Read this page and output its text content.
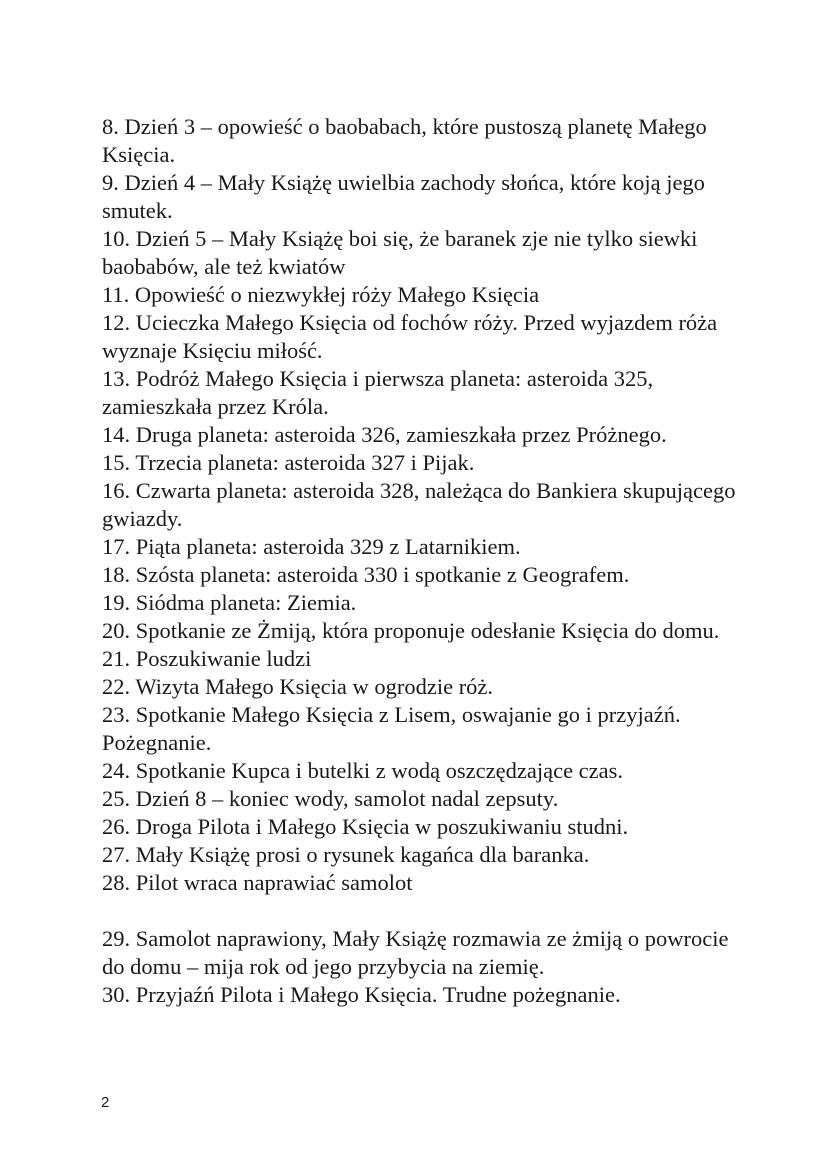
8. Dzień 3 – opowieść o baobabach, które pustoszą planetę Małego Księcia.

9. Dzień 4 – Mały Książę uwielbia zachody słońca, które koją jego smutek.

10. Dzień 5 – Mały Książę boi się, że baranek zje nie tylko siewki baobabów, ale też kwiatów

11. Opowieść o niezwykłej róży Małego Księcia

12. Ucieczka Małego Księcia od fochów róży. Przed wyjazdem róża wyznaje Księciu miłość.

13. Podróż Małego Księcia i pierwsza planeta: asteroida 325, zamieszkała przez Króla.

14. Druga planeta: asteroida 326, zamieszkała przez Próżnego.

15. Trzecia planeta: asteroida 327 i Pijak.

16. Czwarta planeta: asteroida 328, należąca do Bankiera skupującego gwiazdy.

17. Piąta planeta: asteroida 329 z Latarnikiem.

18. Szósta planeta: asteroida 330 i spotkanie z Geografem.

19. Siódma planeta: Ziemia.

20. Spotkanie ze Żmiją, która proponuje odesłanie Księcia do domu.

21. Poszukiwanie ludzi

22. Wizyta Małego Księcia w ogrodzie róż.

23. Spotkanie Małego Księcia z Lisem, oswajanie go i przyjaźń. Pożegnanie.

24. Spotkanie Kupca i butelki z wodą oszczędzające czas.

25. Dzień 8 – koniec wody, samolot nadal zepsuty.

26. Droga Pilota i Małego Księcia w poszukiwaniu studni.

27. Mały Książę prosi o rysunek kagańca dla baranka.

28. Pilot wraca naprawiać samolot

29. Samolot naprawiony, Mały Książę rozmawia ze żmiją o powrocie do domu – mija rok od jego przybycia na ziemię.

30. Przyjaźń Pilota i Małego Księcia. Trudne pożegnanie.

2
